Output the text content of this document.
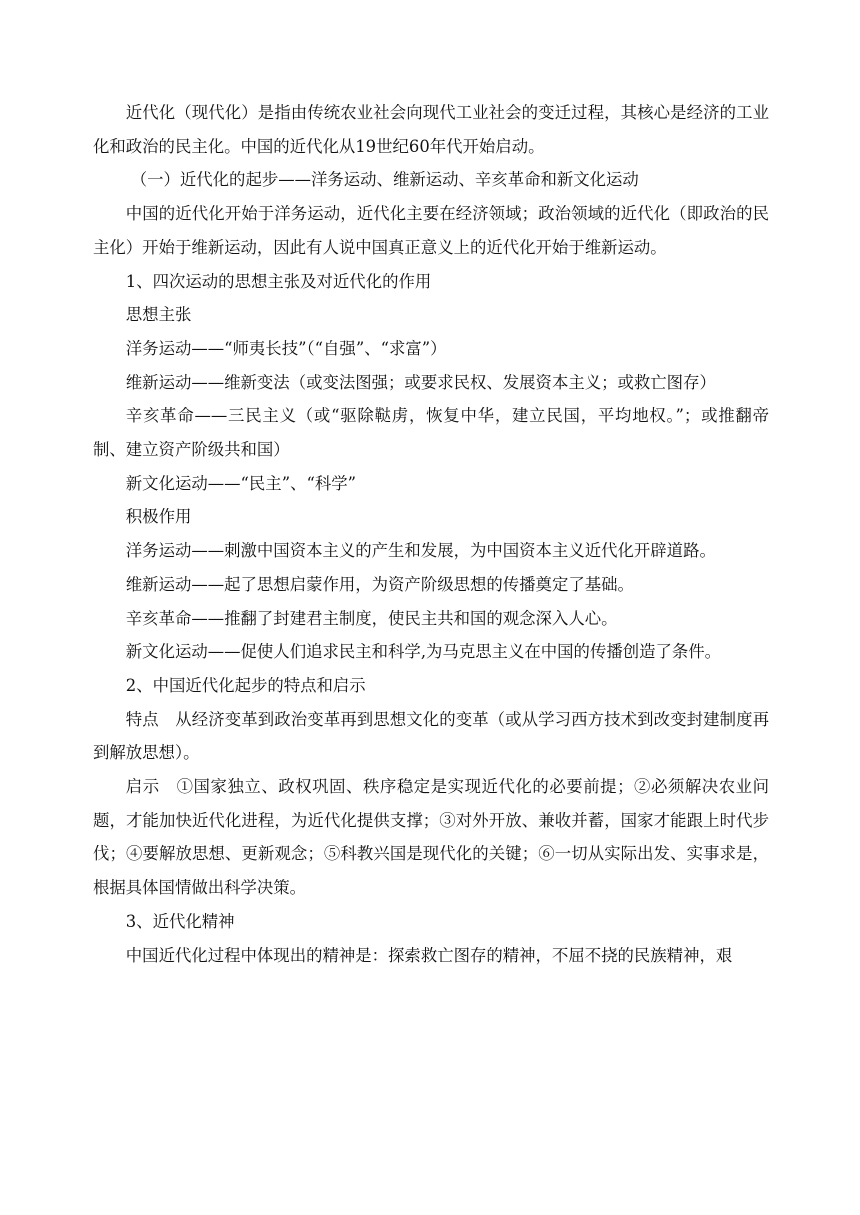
近代化（现代化）是指由传统农业社会向现代工业社会的变迁过程，其核心是经济的工业化和政治的民主化。中国的近代化从19世纪60年代开始启动。

（一）近代化的起步——洋务运动、维新运动、辛亥革命和新文化运动

中国的近代化开始于洋务运动，近代化主要在经济领域；政治领域的近代化（即政治的民主化）开始于维新运动，因此有人说中国真正意义上的近代化开始于维新运动。

1、四次运动的思想主张及对近代化的作用

思想主张

洋务运动——“师夷长技”（“自强”、“求富”）

维新运动——维新变法（或变法图强；或要求民权、发展资本主义；或救亡图存）

辛亥革命——三民主义（或“驱除鞑虏，恢复中华，建立民国，平均地权。”；或推翻帝制、建立资产阶级共和国）

新文化运动——“民主”、“科学”

积极作用

洋务运动——刺激中国资本主义的产生和发展，为中国资本主义近代化开辟道路。

维新运动——起了思想启蒙作用，为资产阶级思想的传播奠定了基础。

辛亥革命——推翻了封建君主制度，使民主共和国的观念深入人心。

新文化运动——促使人们追求民主和科学,为马克思主义在中国的传播创造了条件。

2、中国近代化起步的特点和启示

特点　从经济变革到政治变革再到思想文化的变革（或从学习西方技术到改变封建制度再到解放思想）。

启示　①国家独立、政权巩固、秩序稳定是实现近代化的必要前提；②必须解决农业问题，才能加快近代化进程，为近代化提供支撑；③对外开放、兼收并蓄，国家才能跟上时代步伐；④要解放思想、更新观念；⑤科教兴国是现代化的关键；⑥一切从实际出发、实事求是，根据具体国情做出科学决策。

3、近代化精神

中国近代化过程中体现出的精神是：探索救亡图存的精神，不屈不挠的民族精神，艰
